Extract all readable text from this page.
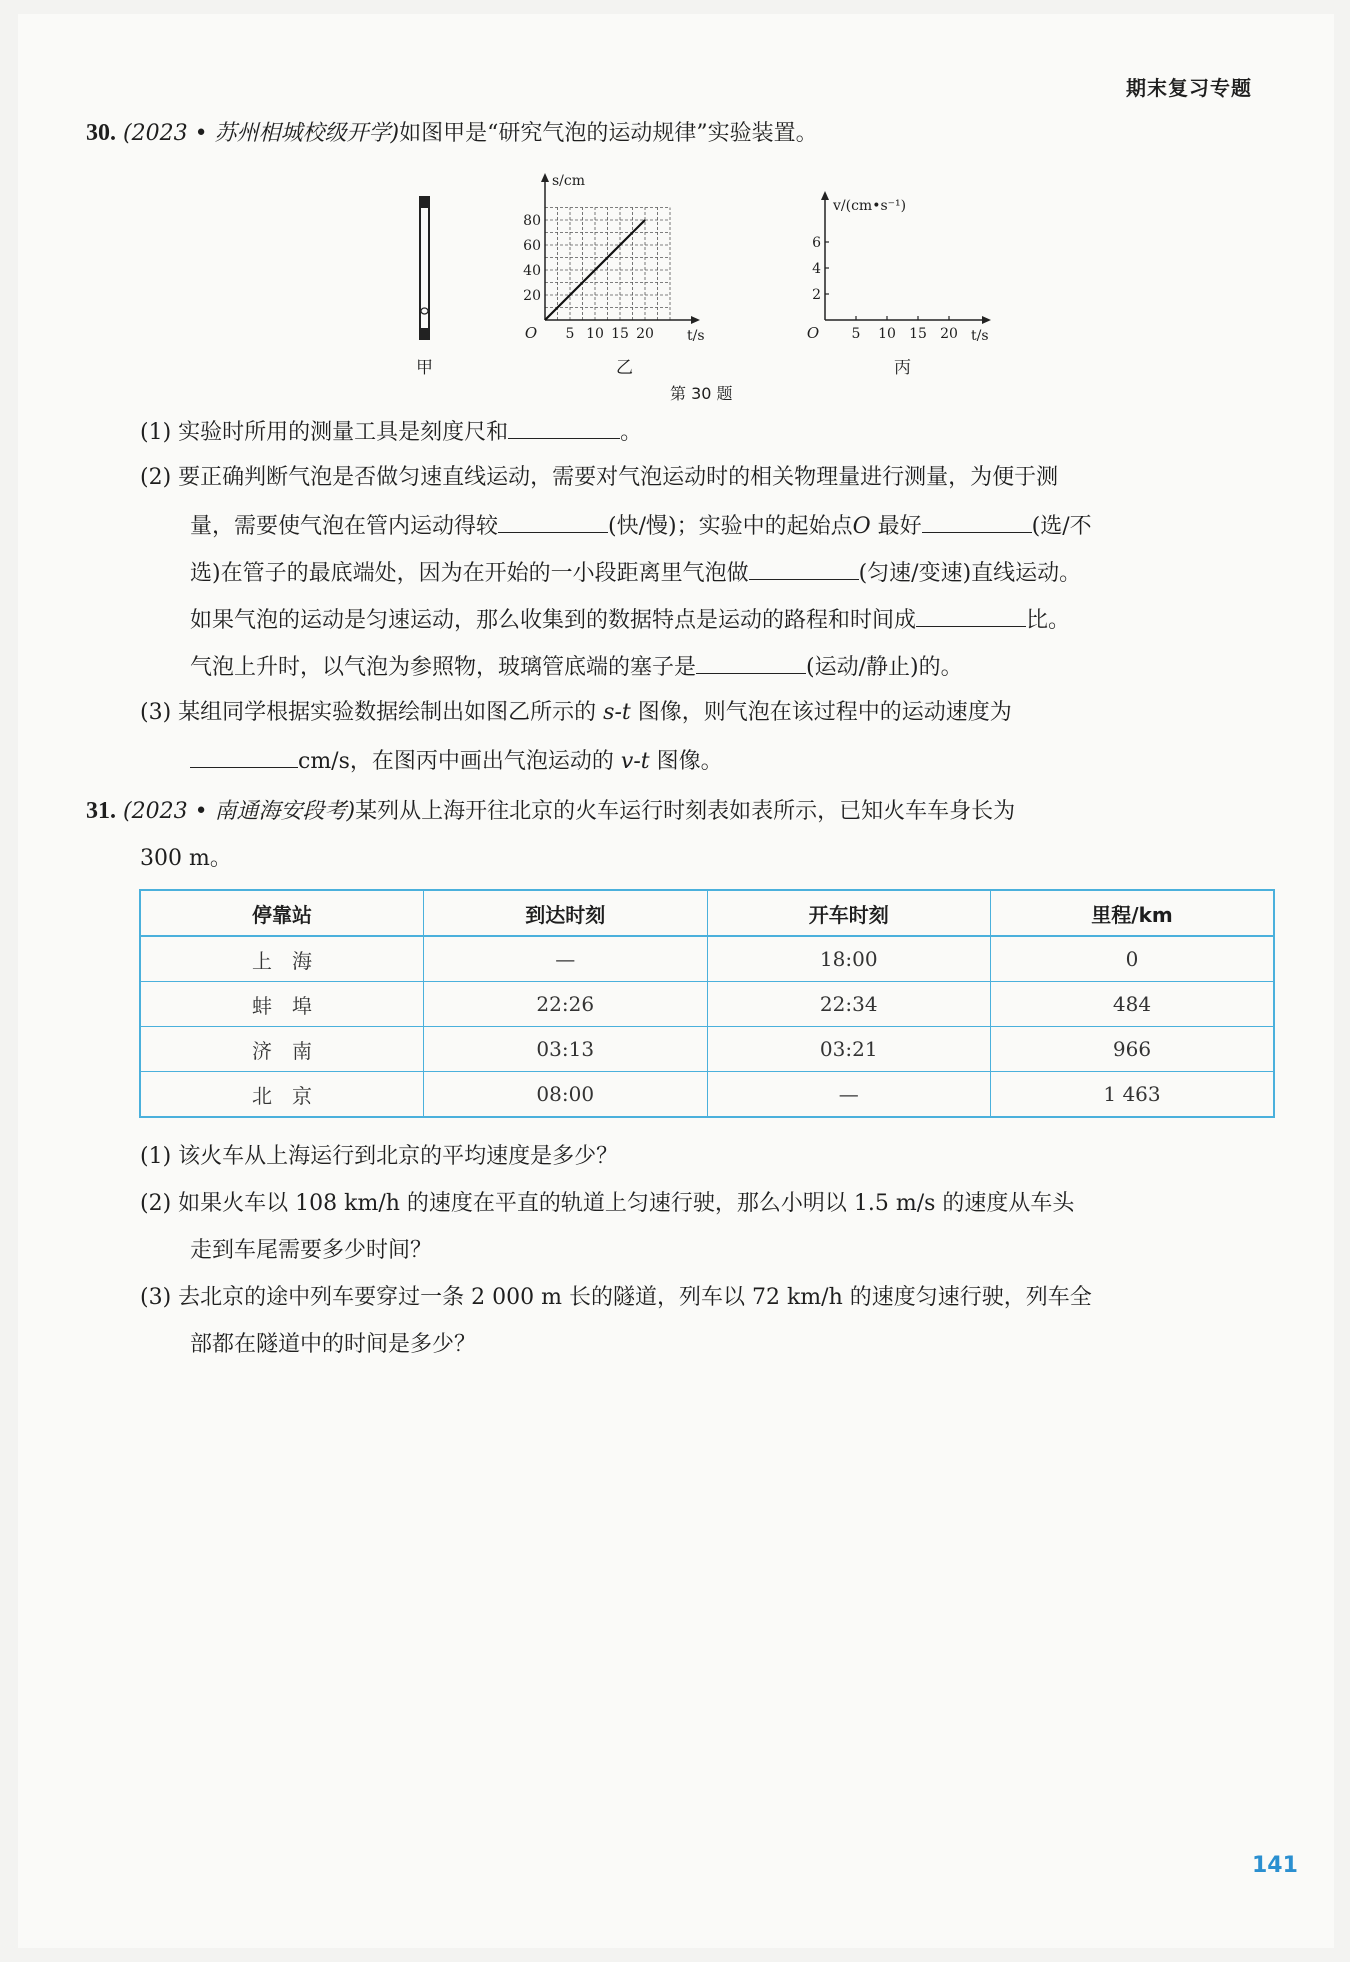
期末复习专题
30. (2023 • 苏州相城校级开学)如图甲是“研究气泡的运动规律”实验装置。
甲
5 10 15 20
20
40
60
80
O
s/cm
t/s
乙
5 10 15 20
2
4
6
O
v/(cm•s⁻¹)
t/s
丙
第 30 题
(1) 实验时所用的测量工具是刻度尺和	。
(2) 要正确判断气泡是否做匀速直线运动，需要对气泡运动时的相关物理量进行测量，为便于测
量，需要使气泡在管内运动得较	(快/慢)；实验中的起始点O 最好	(选/不
选)在管子的最底端处，因为在开始的一小段距离里气泡做	(匀速/变速)直线运动。
如果气泡的运动是匀速运动，那么收集到的数据特点是运动的路程和时间成	比。
气泡上升时，以气泡为参照物，玻璃管底端的塞子是	(运动/静止)的。
(3) 某组同学根据实验数据绘制出如图乙所示的 s-t 图像，则气泡在该过程中的运动速度为
cm/s，在图丙中画出气泡运动的 v-t 图像。
31. (2023 • 南通海安段考)某列从上海开往北京的火车运行时刻表如表所示，已知火车车身长为
300 m。
停靠站	到达时刻	开车时刻	里程/km
上　海	—	18:00	0
蚌　埠	22:26	22:34	484
济　南	03:13	03:21	966
北　京	08:00	—	1 463
(1) 该火车从上海运行到北京的平均速度是多少？
(2) 如果火车以 108 km/h 的速度在平直的轨道上匀速行驶，那么小明以 1.5 m/s 的速度从车头
走到车尾需要多少时间？
(3) 去北京的途中列车要穿过一条 2 000 m 长的隧道，列车以 72 km/h 的速度匀速行驶，列车全
部都在隧道中的时间是多少？
141
